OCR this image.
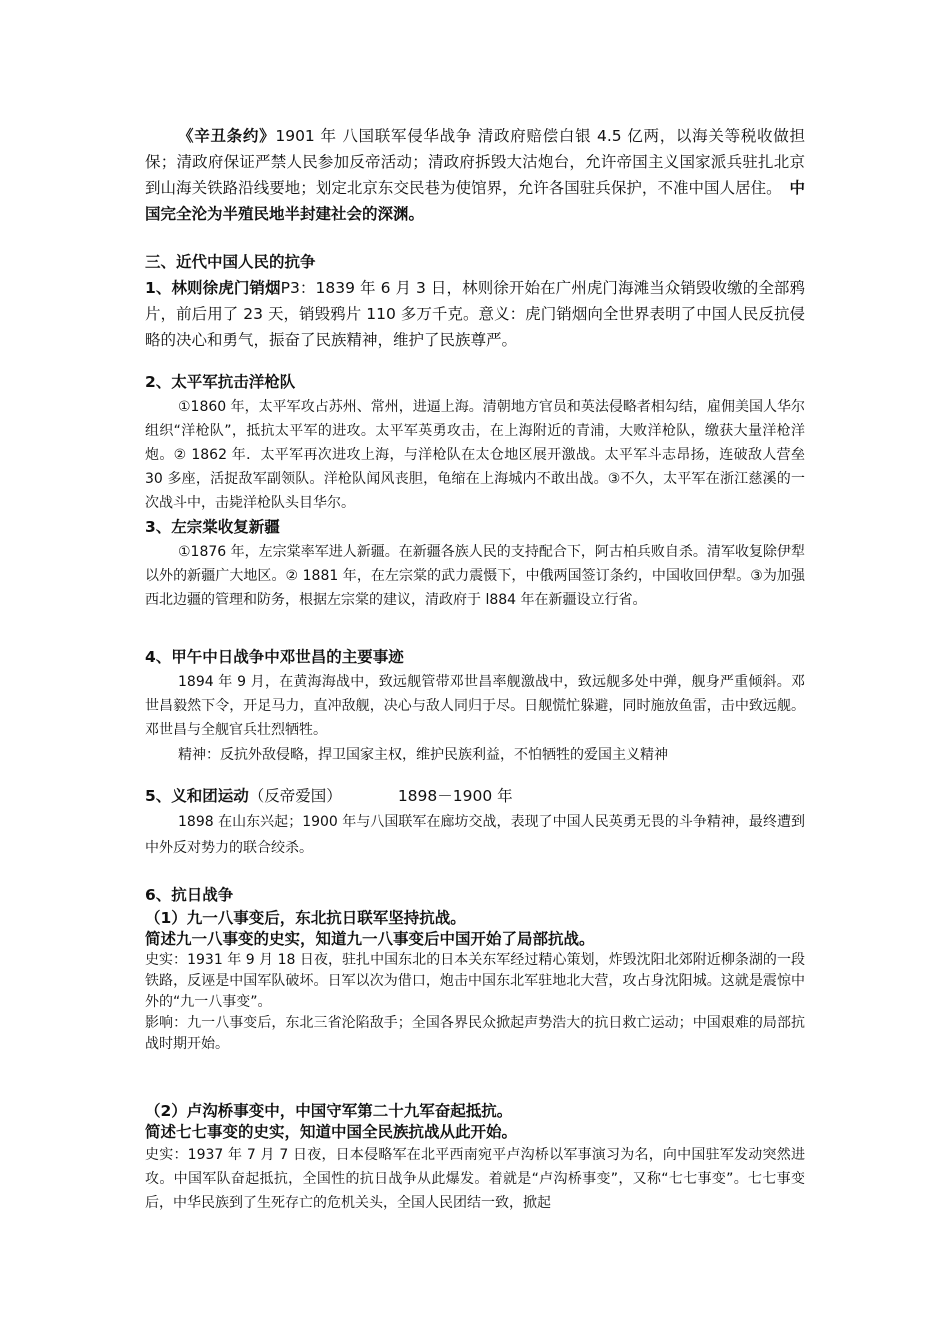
《辛丑条约》1901 年 八国联军侵华战争 清政府赔偿白银 4.5 亿两，以海关等税收做担保；清政府保证严禁人民参加反帝活动；清政府拆毁大沽炮台，允许帝国主义国家派兵驻扎北京到山海关铁路沿线要地；划定北京东交民巷为使馆界，允许各国驻兵保护，不准中国人居住。　 中国完全沦为半殖民地半封建社会的深渊。

三、近代中国人民的抗争

1、林则徐虎门销烟P3：1839 年 6 月 3 日，林则徐开始在广州虎门海滩当众销毁收缴的全部鸦片，前后用了 23 天，销毁鸦片 110 多万千克。意义：虎门销烟向全世界表明了中国人民反抗侵略的决心和勇气，振奋了民族精神，维护了民族尊严。

2、太平军抗击洋枪队

①1860 年，太平军攻占苏州、常州，进逼上海。清朝地方官员和英法侵略者相勾结，雇佣美国人华尔组织“洋枪队”，抵抗太平军的进攻。太平军英勇攻击，在上海附近的青浦，大败洋枪队，缴获大量洋枪洋炮。② 1862 年．太平军再次进攻上海，与洋枪队在太仓地区展开激战。太平军斗志昂扬，连破敌人营垒 30 多座，活捉敌军副领队。洋枪队闻风丧胆，龟缩在上海城内不敢出战。③不久，太平军在浙江慈溪的一次战斗中，击毙洋枪队头目华尔。

3、左宗棠收复新疆

①1876 年，左宗棠率军进人新疆。在新疆各族人民的支持配合下，阿古柏兵败自杀。清军收复除伊犁以外的新疆广大地区。② 1881 年，在左宗棠的武力震慑下，中俄两国签订条约，中国收回伊犁。③为加强西北边疆的管理和防务，根据左宗棠的建议，清政府于 l884 年在新疆设立行省。

4、甲午中日战争中邓世昌的主要事迹

1894 年 9 月，在黄海海战中，致远舰管带邓世昌率舰激战中，致远舰多处中弹，舰身严重倾斜。邓世昌毅然下令，开足马力，直冲敌舰，决心与敌人同归于尽。日舰慌忙躲避，同时施放鱼雷，击中致远舰。邓世昌与全舰官兵壮烈牺牲。

精神：反抗外敌侵略，捍卫国家主权，维护民族利益，不怕牺牲的爱国主义精神

5、义和团运动（反帝爱国）	1898－1900 年

1898 在山东兴起；1900 年与八国联军在廊坊交战，表现了中国人民英勇无畏的斗争精神，最终遭到中外反对势力的联合绞杀。

6、抗日战争

（1）九一八事变后，东北抗日联军坚持抗战。

简述九一八事变的史实，知道九一八事变后中国开始了局部抗战。

史实：1931 年 9 月 18 日夜，驻扎中国东北的日本关东军经过精心策划，炸毁沈阳北郊附近柳条湖的一段铁路，反诬是中国军队破坏。日军以次为借口，炮击中国东北军驻地北大营，攻占身沈阳城。这就是震惊中外的“九一八事变”。

影响：九一八事变后，东北三省沦陷敌手；全国各界民众掀起声势浩大的抗日救亡运动；中国艰难的局部抗战时期开始。

（2）卢沟桥事变中，中国守军第二十九军奋起抵抗。

简述七七事变的史实，知道中国全民族抗战从此开始。

史实：1937 年 7 月 7 日夜，日本侵略军在北平西南宛平卢沟桥以军事演习为名，向中国驻军发动突然进攻。中国军队奋起抵抗，全国性的抗日战争从此爆发。着就是“卢沟桥事变”，又称“七七事变”。七七事变后，中华民族到了生死存亡的危机关头，全国人民团结一致，掀起
